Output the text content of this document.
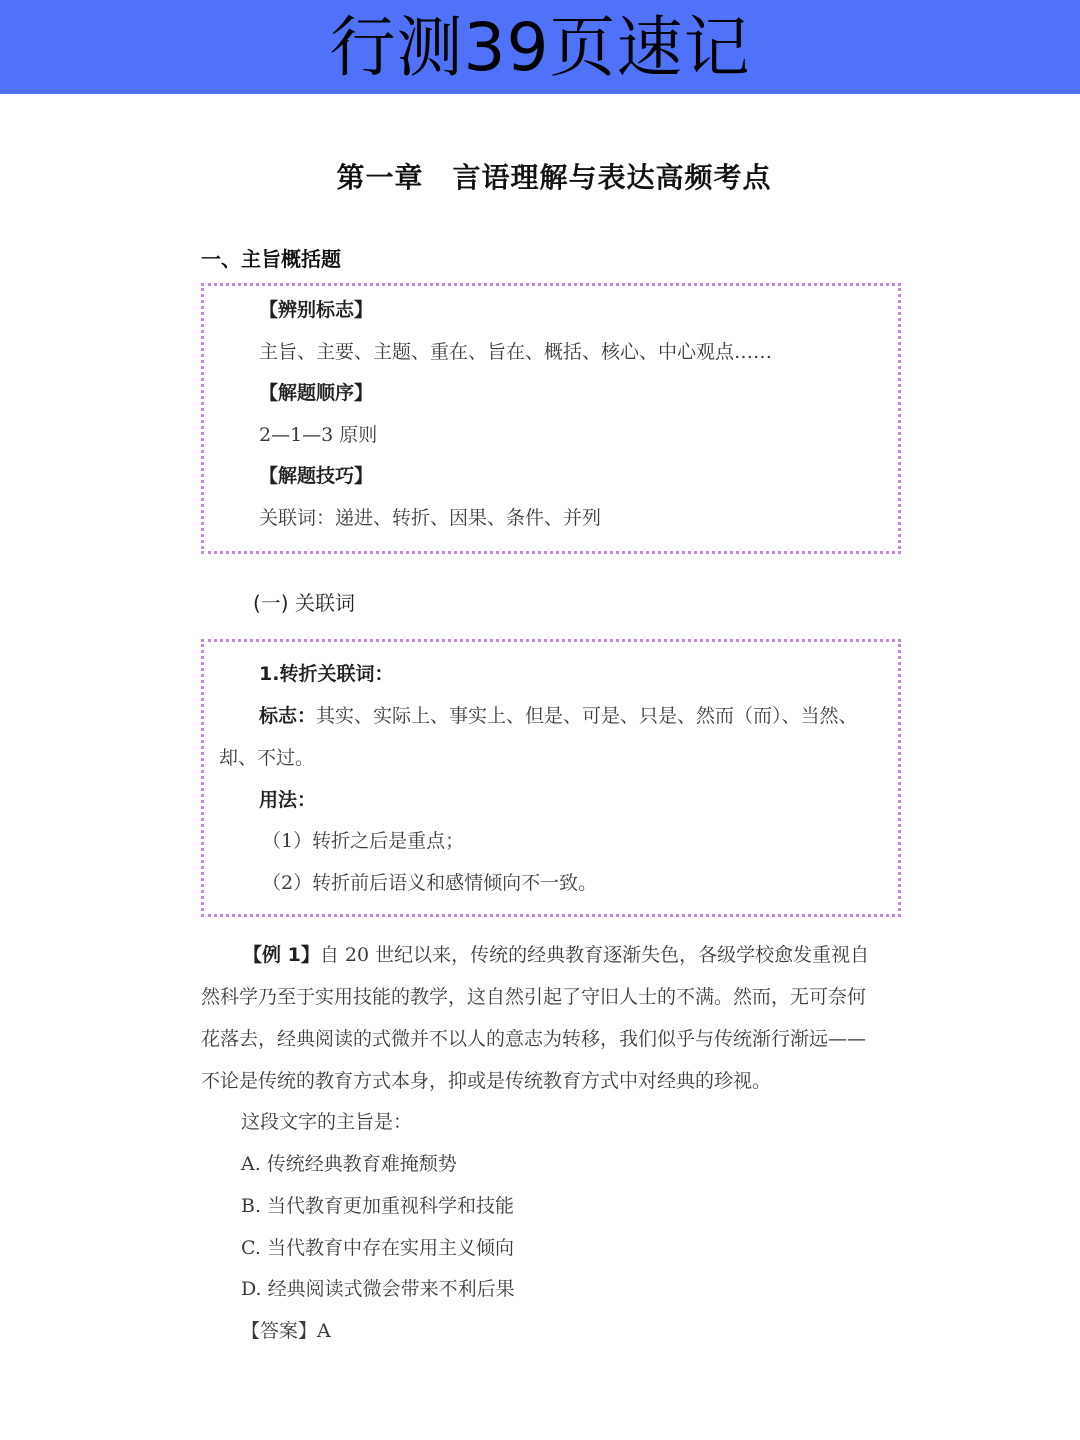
行测39页速记
第一章　言语理解与表达高频考点
一、主旨概括题
【辨别标志】
主旨、主要、主题、重在、旨在、概括、核心、中心观点……
【解题顺序】
2—1—3 原则
【解题技巧】
关联词：递进、转折、因果、条件、并列
(一) 关联词
1.转折关联词：
标志：其实、实际上、事实上、但是、可是、只是、然而（而）、当然、
却、不过。
用法：
（1）转折之后是重点；
（2）转折前后语义和感情倾向不一致。
【例 1】自 20 世纪以来，传统的经典教育逐渐失色，各级学校愈发重视自
然科学乃至于实用技能的教学，这自然引起了守旧人士的不满。然而，无可奈何
花落去，经典阅读的式微并不以人的意志为转移，我们似乎与传统渐行渐远——
不论是传统的教育方式本身，抑或是传统教育方式中对经典的珍视。
这段文字的主旨是：
A. 传统经典教育难掩颓势
B. 当代教育更加重视科学和技能
C. 当代教育中存在实用主义倾向
D. 经典阅读式微会带来不利后果
【答案】A
